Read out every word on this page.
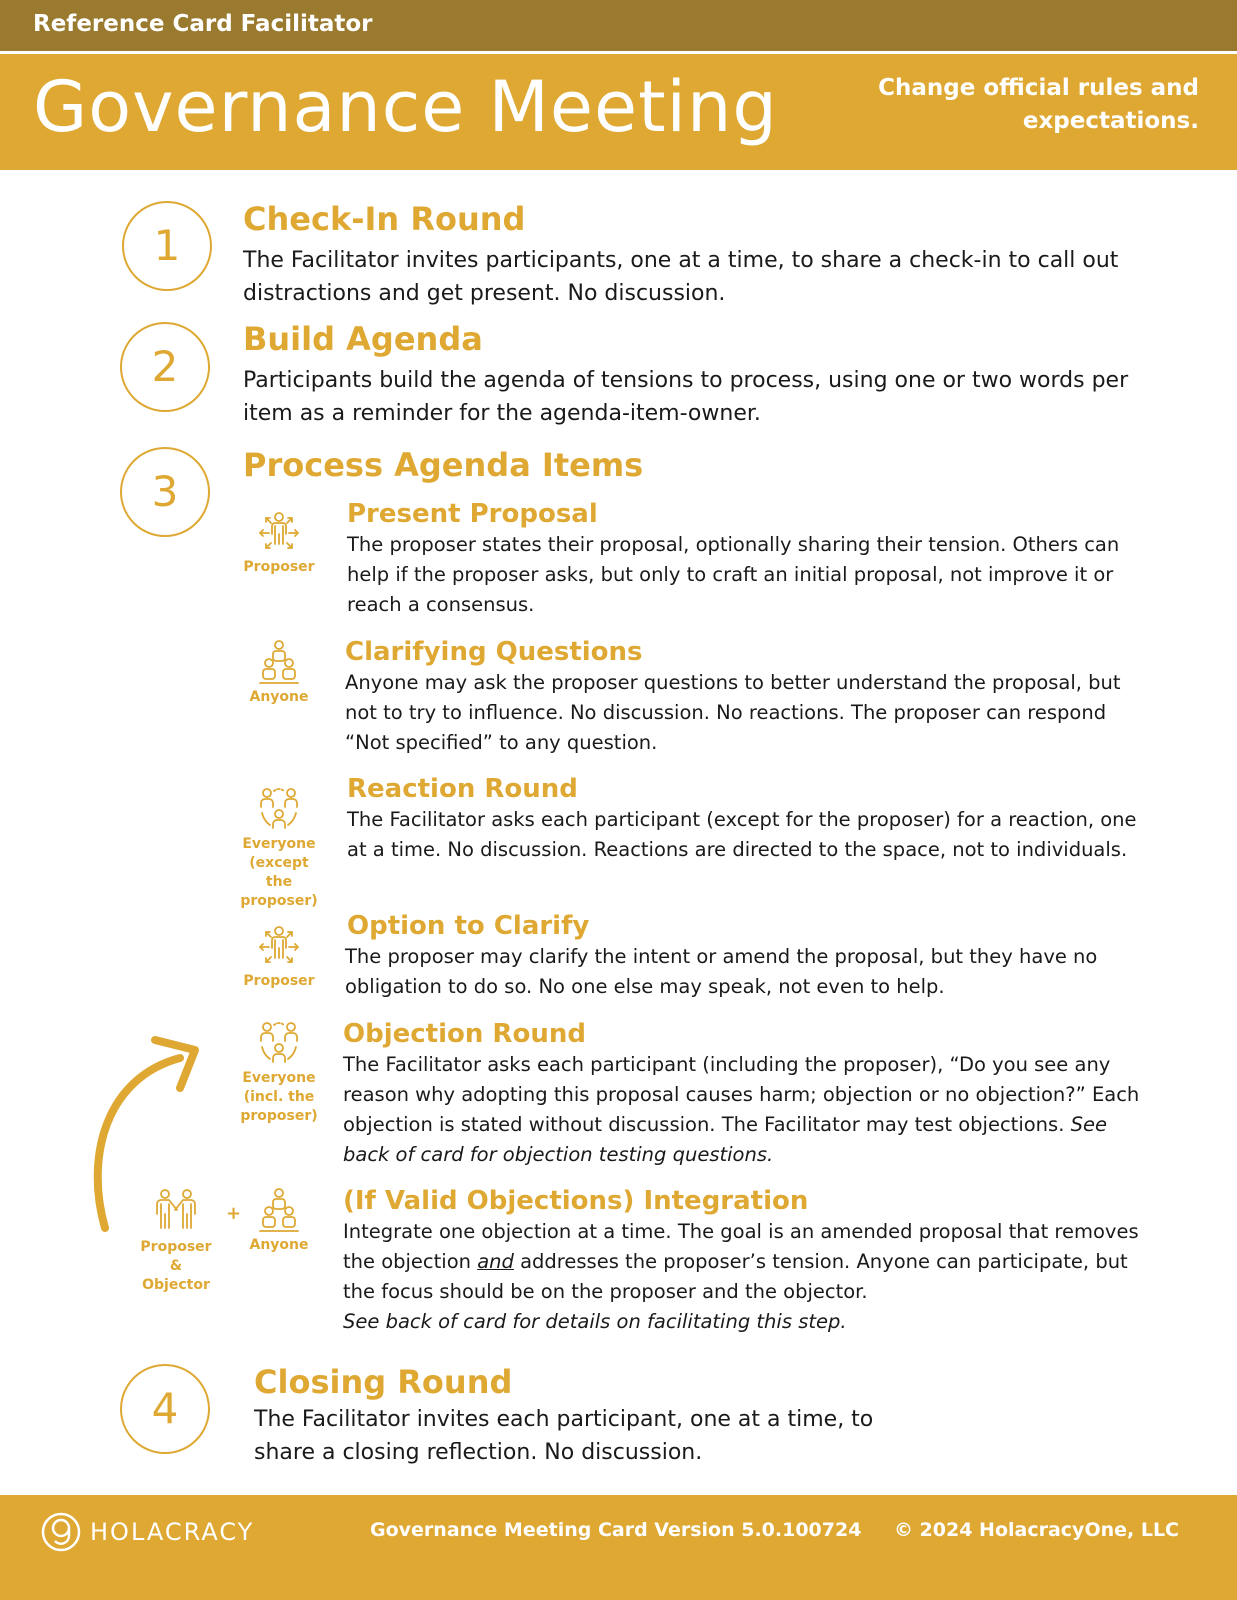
Reference Card Facilitator
Governance Meeting	Change official rules and expectations.
1
Check-In Round
The Facilitator invites participants, one at a time, to share a check-in to call out distractions and get present. No discussion.
2
Build Agenda
Participants build the agenda of tensions to process, using one or two words per item as a reminder for the agenda-item-owner.
3
Process Agenda Items
Proposer
Present Proposal
The proposer states their proposal, optionally sharing their tension. Others can help if the proposer asks, but only to craft an initial proposal, not improve it or reach a consensus.
Anyone
Clarifying Questions
Anyone may ask the proposer questions to better understand the proposal, but not to try to influence. No discussion. No reactions. The proposer can respond “Not specified” to any question.
Everyone
(except the
proposer)
Reaction Round
The Facilitator asks each participant (except for the proposer) for a reaction, one at a time. No discussion. Reactions are directed to the space, not to individuals.
Proposer
Option to Clarify
The proposer may clarify the intent or amend the proposal, but they have no obligation to do so. No one else may speak, not even to help.
Everyone
(incl. the
proposer)
Objection Round
The Facilitator asks each participant (including the proposer), “Do you see any reason why adopting this proposal causes harm; objection or no objection?” Each objection is stated without discussion. The Facilitator may test objections. See back of card for objection testing questions.
Proposer &
Objector
+
Anyone
(If Valid Objections) Integration
Integrate one objection at a time. The goal is an amended proposal that removes the objection and addresses the proposer’s tension. Anyone can participate, but the focus should be on the proposer and the objector.
See back of card for details on facilitating this step.
4
Closing Round
The Facilitator invites each participant, one at a time, to share a closing reflection. No discussion.
HOLACRACY	Governance Meeting Card Version 5.0.100724 © 2024 HolacracyOne, LLC
